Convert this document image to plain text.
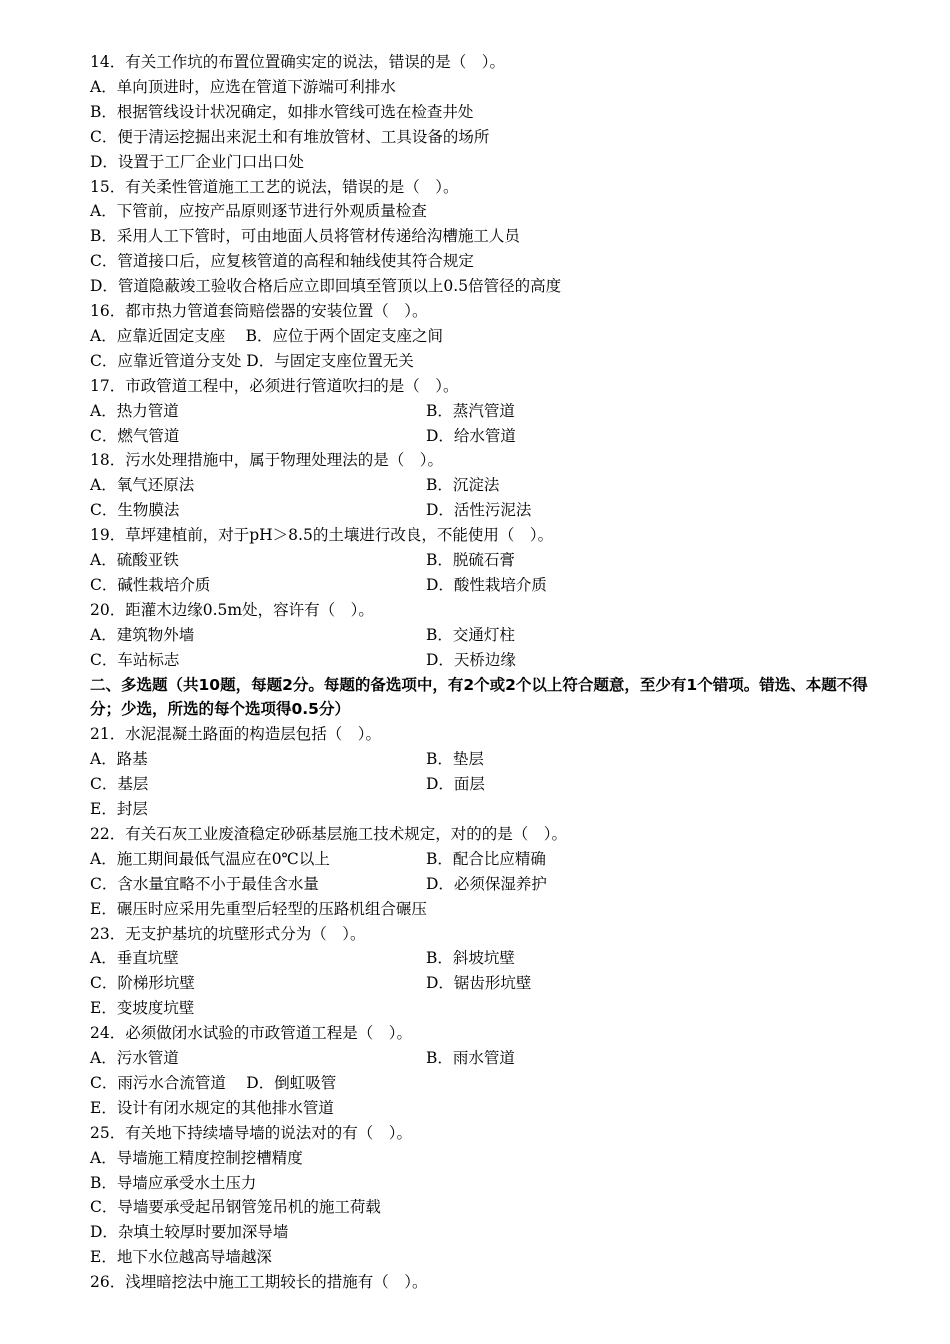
14．有关工作坑的布置位置确实定的说法，错误的是（　）。
A．单向顶进时，应选在管道下游端可利排水
B．根据管线设计状况确定，如排水管线可选在检查井处
C．便于清运挖掘出来泥土和有堆放管材、工具设备的场所
D．设置于工厂企业门口出口处
15．有关柔性管道施工工艺的说法，错误的是（　）。
A．下管前，应按产品原则逐节进行外观质量检查
B．采用人工下管时，可由地面人员将管材传递给沟槽施工人员
C．管道接口后，应复核管道的高程和轴线使其符合规定
D．管道隐蔽竣工验收合格后应立即回填至管顶以上0.5倍管径的高度
16．都市热力管道套筒赔偿器的安装位置（　）。
A．应靠近固定支座　 B．应位于两个固定支座之间
C．应靠近管道分支处 D．与固定支座位置无关
17．市政管道工程中，必须进行管道吹扫的是（　）。
A．热力管道	B．蒸汽管道
C．燃气管道	D．给水管道
18．污水处理措施中，属于物理处理法的是（　）。
A．氧气还原法	B．沉淀法
C．生物膜法	D．活性污泥法
19．草坪建植前，对于pH＞8.5的土壤进行改良，不能使用（　）。
A．硫酸亚铁	B．脱硫石膏
C．碱性栽培介质	D．酸性栽培介质
20．距灌木边缘0.5m处，容许有（　）。
A．建筑物外墙	B．交通灯柱
C．车站标志	D．天桥边缘
二、多选题（共10题，每题2分。每题的备选项中，有2个或2个以上符合题意，至少有1个错项。错选、本题不得分；少选，所选的每个选项得0.5分）
21．水泥混凝土路面的构造层包括（　）。
A．路基	B．垫层
C．基层	D．面层
E．封层
22．有关石灰工业废渣稳定砂砾基层施工技术规定，对的的是（　）。
A．施工期间最低气温应在0℃以上	B．配合比应精确
C．含水量宜略不小于最佳含水量	D．必须保湿养护
E．碾压时应采用先重型后轻型的压路机组合碾压
23．无支护基坑的坑壁形式分为（　）。
A．垂直坑壁	B．斜坡坑壁
C．阶梯形坑壁	D．锯齿形坑壁
E．变坡度坑壁
24．必须做闭水试验的市政管道工程是（　）。
A．污水管道	B．雨水管道
C．雨污水合流管道　 D．倒虹吸管
E．设计有闭水规定的其他排水管道
25．有关地下持续墙导墙的说法对的有（　）。
A．导墙施工精度控制挖槽精度
B．导墙应承受水土压力
C．导墙要承受起吊钢管笼吊机的施工荷载
D．杂填土较厚时要加深导墙
E．地下水位越高导墙越深
26．浅埋暗挖法中施工工期较长的措施有（　）。
